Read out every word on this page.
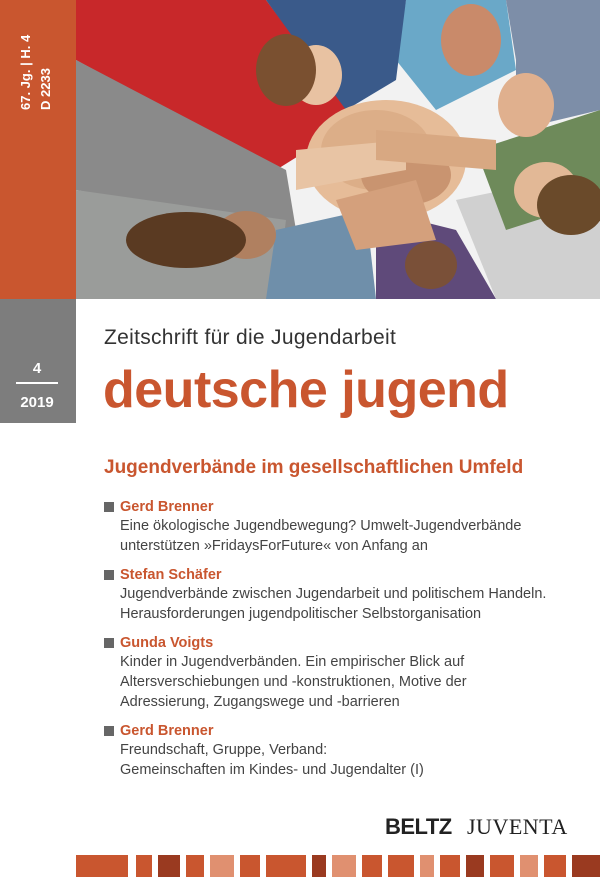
67. Jg. | H. 4 D 2233
4
2019
Zeitschrift für die Jugendarbeit
deutsche jugend
Jugendverbände im gesellschaftlichen Umfeld
Gerd Brenner
Eine ökologische Jugendbewegung? Umwelt-Jugendverbände
unterstützen »FridaysForFuture« von Anfang an
Stefan Schäfer
Jugendverbände zwischen Jugendarbeit und politischem Handeln.
Herausforderungen jugendpolitischer Selbstorganisation
Gunda Voigts
Kinder in Jugendverbänden. Ein empirischer Blick auf
Altersverschiebungen und -konstruktionen, Motive der
Adressierung, Zugangswege und -barrieren
Gerd Brenner
Freundschaft, Gruppe, Verband:
Gemeinschaften im Kindes- und Jugendalter (I)
BELTZ JUVENTA
